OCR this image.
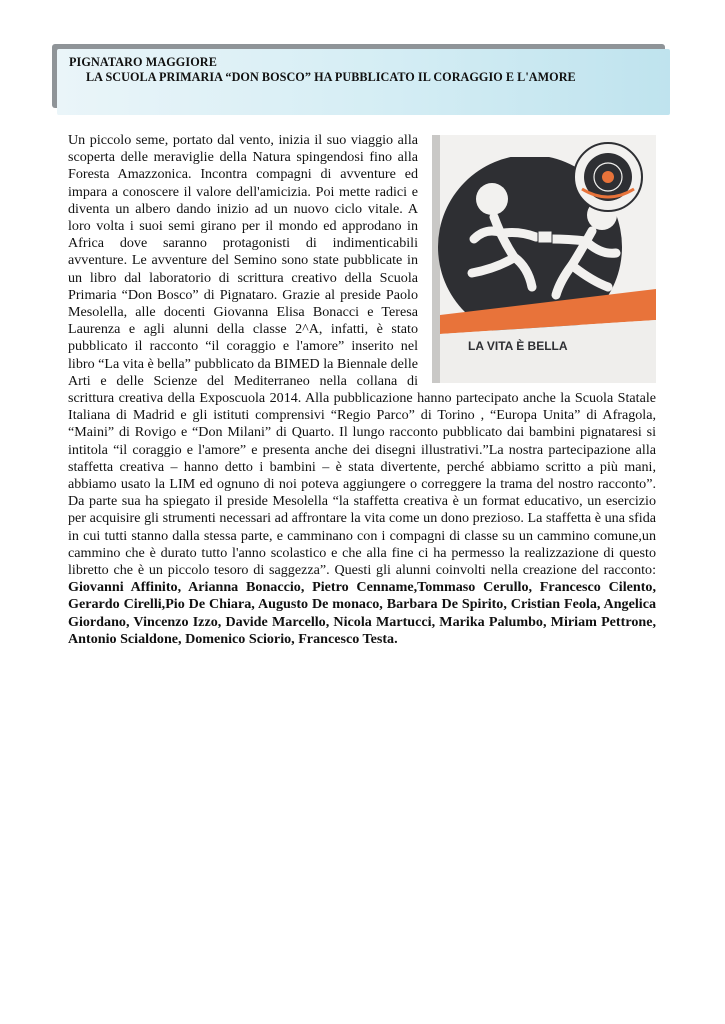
PIGNATARO MAGGIORE
LA SCUOLA PRIMARIA “DON BOSCO” HA PUBBLICATO IL CORAGGIO E L'AMORE
LA VITA È BELLA

Un piccolo seme, portato dal vento, inizia il suo viaggio alla scoperta delle meraviglie della Natura spingendosi fino alla Foresta Amazzonica. Incontra compagni di avventure ed impara a conoscere il valore dell'amicizia. Poi mette radici e diventa un albero dando inizio ad un nuovo ciclo vitale. A loro volta i suoi semi girano per il mondo ed approdano in Africa dove saranno protagonisti di indimenticabili avventure. Le avventure del Semino sono state pubblicate in un libro dal laboratorio di scrittura creativo della Scuola Primaria “Don Bosco” di Pignataro. Grazie al preside Paolo Mesolella, alle docenti Giovanna Elisa Bonacci e Teresa Laurenza e agli alunni della classe 2^A, infatti, è stato pubblicato il racconto “il coraggio e l'amore” inserito nel libro “La vita è bella” pubblicato da BIMED la Biennale delle Arti e delle Scienze del Mediterraneo nella collana di scrittura creativa della Exposcuola 2014. Alla pubblicazione hanno partecipato anche la Scuola Statale Italiana di Madrid e gli istituti comprensivi “Regio Parco” di Torino , “Europa Unita” di Afragola, “Maini” di Rovigo e “Don Milani” di Quarto. Il lungo racconto pubblicato dai bambini pignataresi si intitola “il coraggio e l'amore” e presenta anche dei disegni illustrativi.”La nostra partecipazione alla staffetta creativa – hanno detto i bambini – è stata divertente, perché abbiamo scritto a più mani, abbiamo usato la LIM ed ognuno di noi poteva aggiungere o correggere la trama del nostro racconto”. Da parte sua ha spiegato il preside Mesolella “la staffetta creativa è un format educativo, un esercizio per acquisire gli strumenti necessari ad affrontare la vita come un dono prezioso. La staffetta è una sfida in cui tutti stanno dalla stessa parte, e camminano con i compagni di classe su un cammino comune,un cammino che è durato tutto l'anno scolastico e che alla fine ci ha permesso la realizzazione di questo libretto che è un piccolo tesoro di saggezza”. Questi gli alunni coinvolti nella creazione del racconto: Giovanni Affinito, Arianna Bonaccio, Pietro Cenname,Tommaso Cerullo, Francesco Cilento, Gerardo Cirelli,Pio De Chiara, Augusto De monaco, Barbara De Spirito, Cristian Feola, Angelica Giordano, Vincenzo Izzo, Davide Marcello, Nicola Martucci, Marika Palumbo, Miriam Pettrone, Antonio Scialdone, Domenico Sciorio, Francesco Testa.
